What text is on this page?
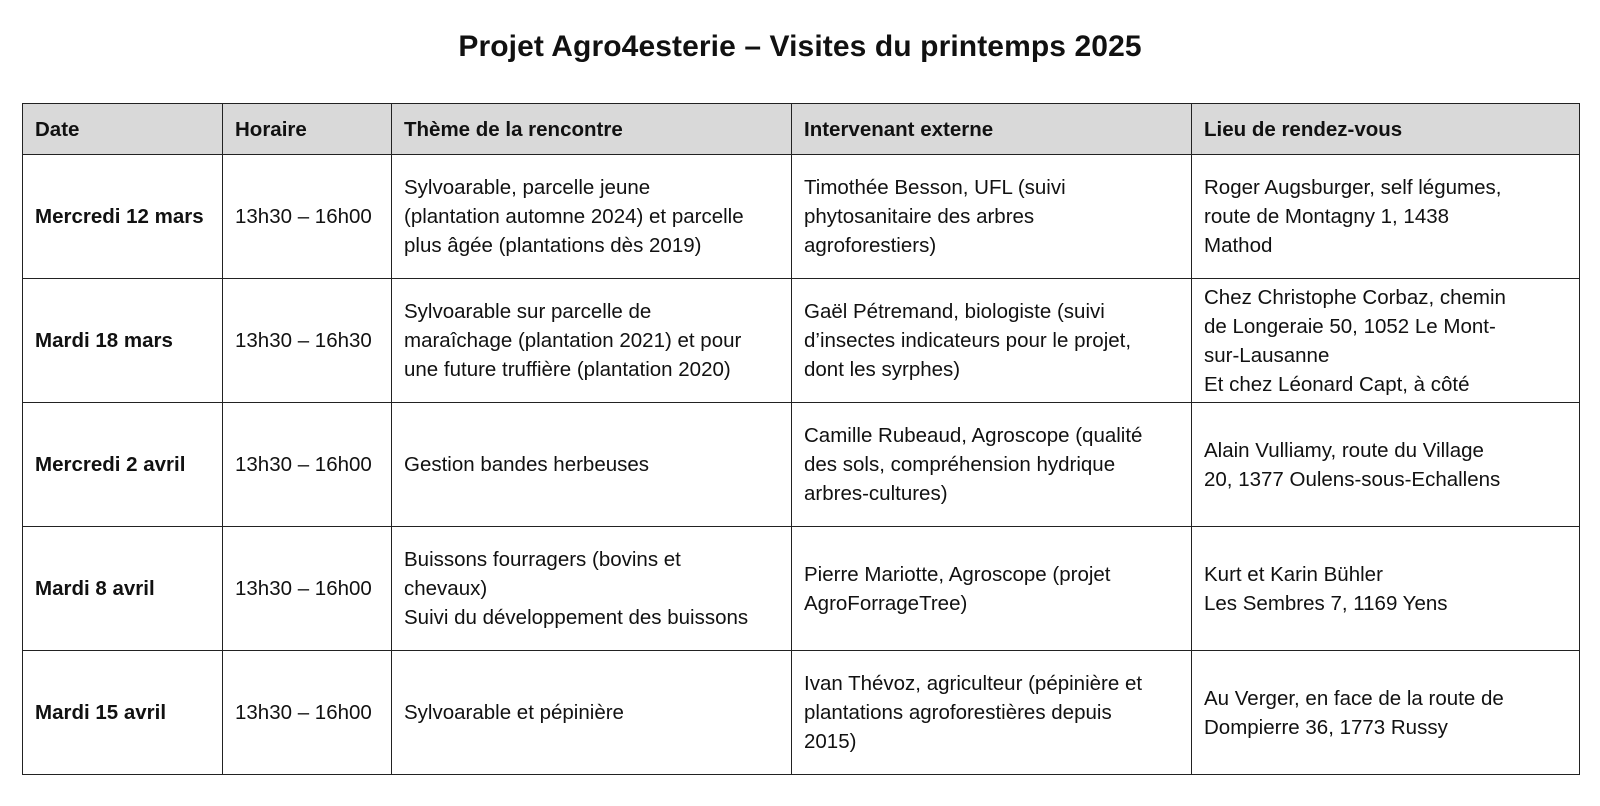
Projet Agro4esterie – Visites du printemps 2025
Date	Horaire	Thème de la rencontre	Intervenant externe	Lieu de rendez-vous
Mercredi 12 mars	13h30 – 16h00	Sylvoarable, parcelle jeune
(plantation automne 2024) et parcelle
plus âgée (plantations dès 2019)	Timothée Besson, UFL (suivi
phytosanitaire des arbres
agroforestiers)	Roger Augsburger, self légumes,
route de Montagny 1, 1438
Mathod

Mardi 18 mars	13h30 – 16h30	Sylvoarable sur parcelle de
maraîchage (plantation 2021) et pour
une future truffière (plantation 2020)	Gaël Pétremand, biologiste (suivi
d’insectes indicateurs pour le projet,
dont les syrphes)	Chez Christophe Corbaz, chemin
de Longeraie 50, 1052 Le Mont-
sur-Lausanne
Et chez Léonard Capt, à côté

Mercredi 2 avril	13h30 – 16h00	Gestion bandes herbeuses	Camille Rubeaud, Agroscope (qualité
des sols, compréhension hydrique
arbres-cultures)	Alain Vulliamy, route du Village
20, 1377 Oulens-sous-Echallens

Mardi 8 avril	13h30 – 16h00	Buissons fourragers (bovins et
chevaux)
Suivi du développement des buissons	Pierre Mariotte, Agroscope (projet
AgroForrageTree)	Kurt et Karin Bühler
Les Sembres 7, 1169 Yens

Mardi 15 avril	13h30 – 16h00	Sylvoarable et pépinière	Ivan Thévoz, agriculteur (pépinière et
plantations agroforestières depuis
2015)	Au Verger, en face de la route de
Dompierre 36, 1773 Russy
